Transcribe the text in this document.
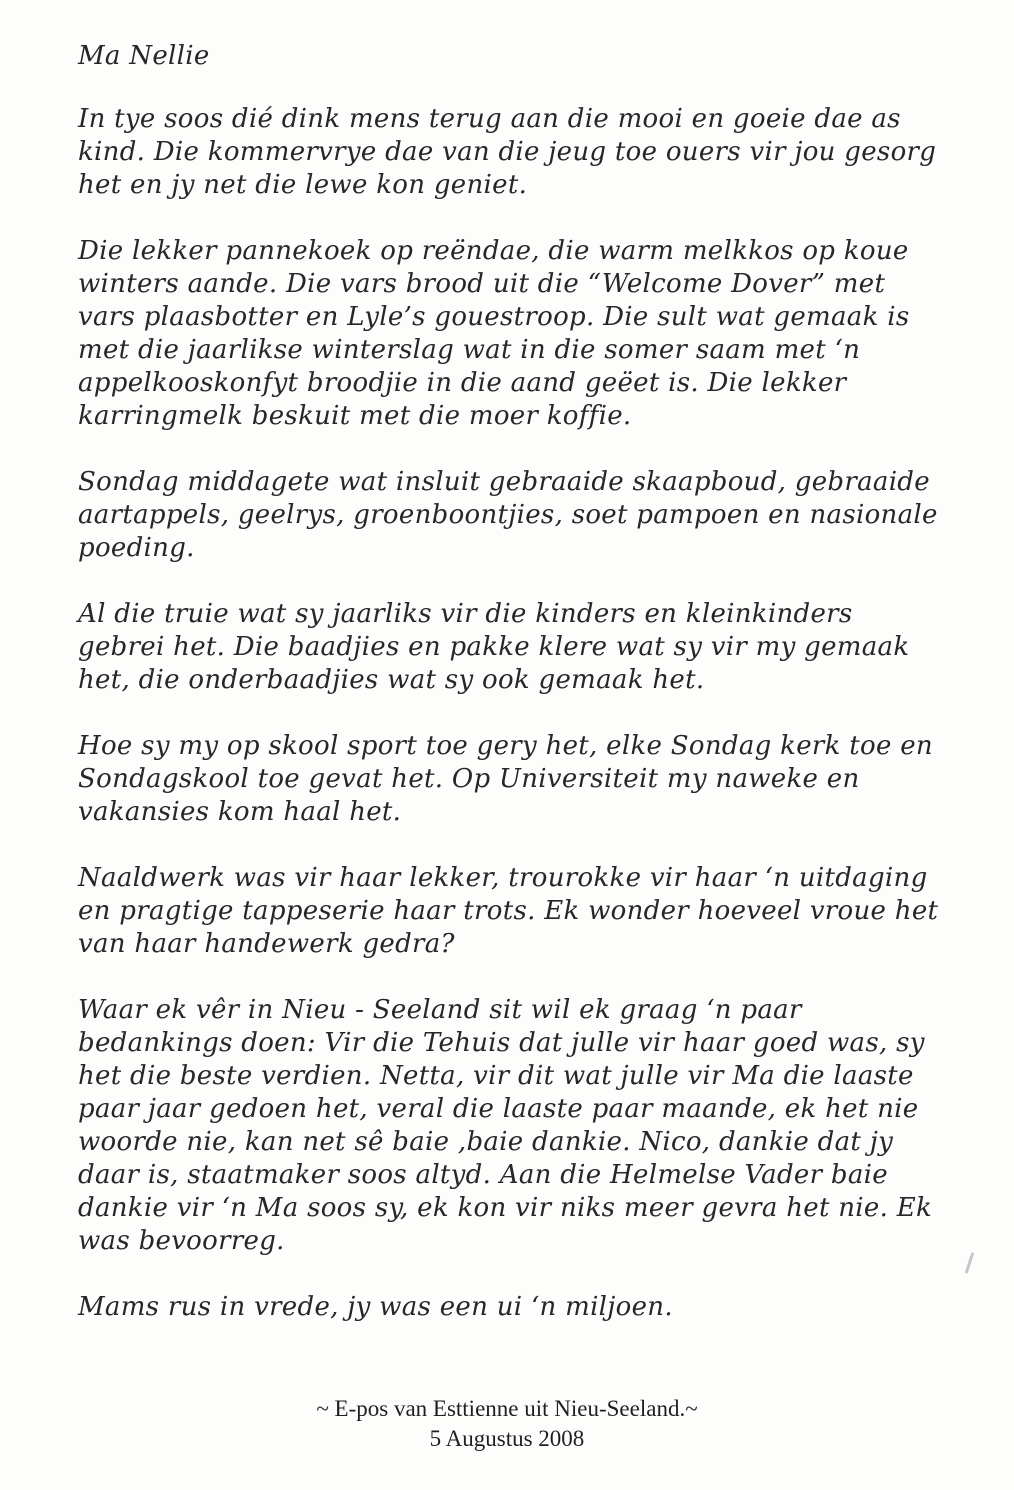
Ma Nellie

In tye soos dié dink mens terug aan die mooi en goeie dae as kind. Die kommervrye dae van die jeug toe ouers vir jou gesorg het en jy net die lewe kon geniet.

Die lekker pannekoek op reëndae, die warm melkkos op koue winters aande. Die vars brood uit die “Welcome Dover” met vars plaasbotter en Lyle’s gouestroop. Die sult wat gemaak is met die jaarlikse winterslag wat in die somer saam met ‘n appelkooskonfyt broodjie in die aand geëet is. Die lekker karringmelk beskuit met die moer koffie.

Sondag middagete wat insluit gebraaide skaapboud, gebraaide aartappels, geelrys, groenboontjies, soet pampoen en nasionale poeding.

Al die truie wat sy jaarliks vir die kinders en kleinkinders gebrei het. Die baadjies en pakke klere wat sy vir my gemaak het, die onderbaadjies wat sy ook gemaak het.

Hoe sy my op skool sport toe gery het, elke Sondag kerk toe en Sondagskool toe gevat het. Op Universiteit my naweke en vakansies kom haal het.

Naaldwerk was vir haar lekker, trourokke vir haar ‘n uitdaging en pragtige tappeserie haar trots. Ek wonder hoeveel vroue het van haar handewerk gedra?

Waar ek vêr in Nieu - Seeland sit wil ek graag ‘n paar bedankings doen: Vir die Tehuis dat julle vir haar goed was, sy het die beste verdien. Netta, vir dit wat julle vir Ma die laaste paar jaar gedoen het, veral die laaste paar maande, ek het nie woorde nie, kan net sê baie ,baie dankie. Nico, dankie dat jy daar is, staatmaker soos altyd. Aan die Helmelse Vader baie dankie vir ‘n Ma soos sy, ek kon vir niks meer gevra het nie. Ek was bevoorreg.

Mams rus in vrede, jy was een ui ‘n miljoen.

~ E-pos van Esttienne uit Nieu-Seeland.~

5 Augustus 2008
